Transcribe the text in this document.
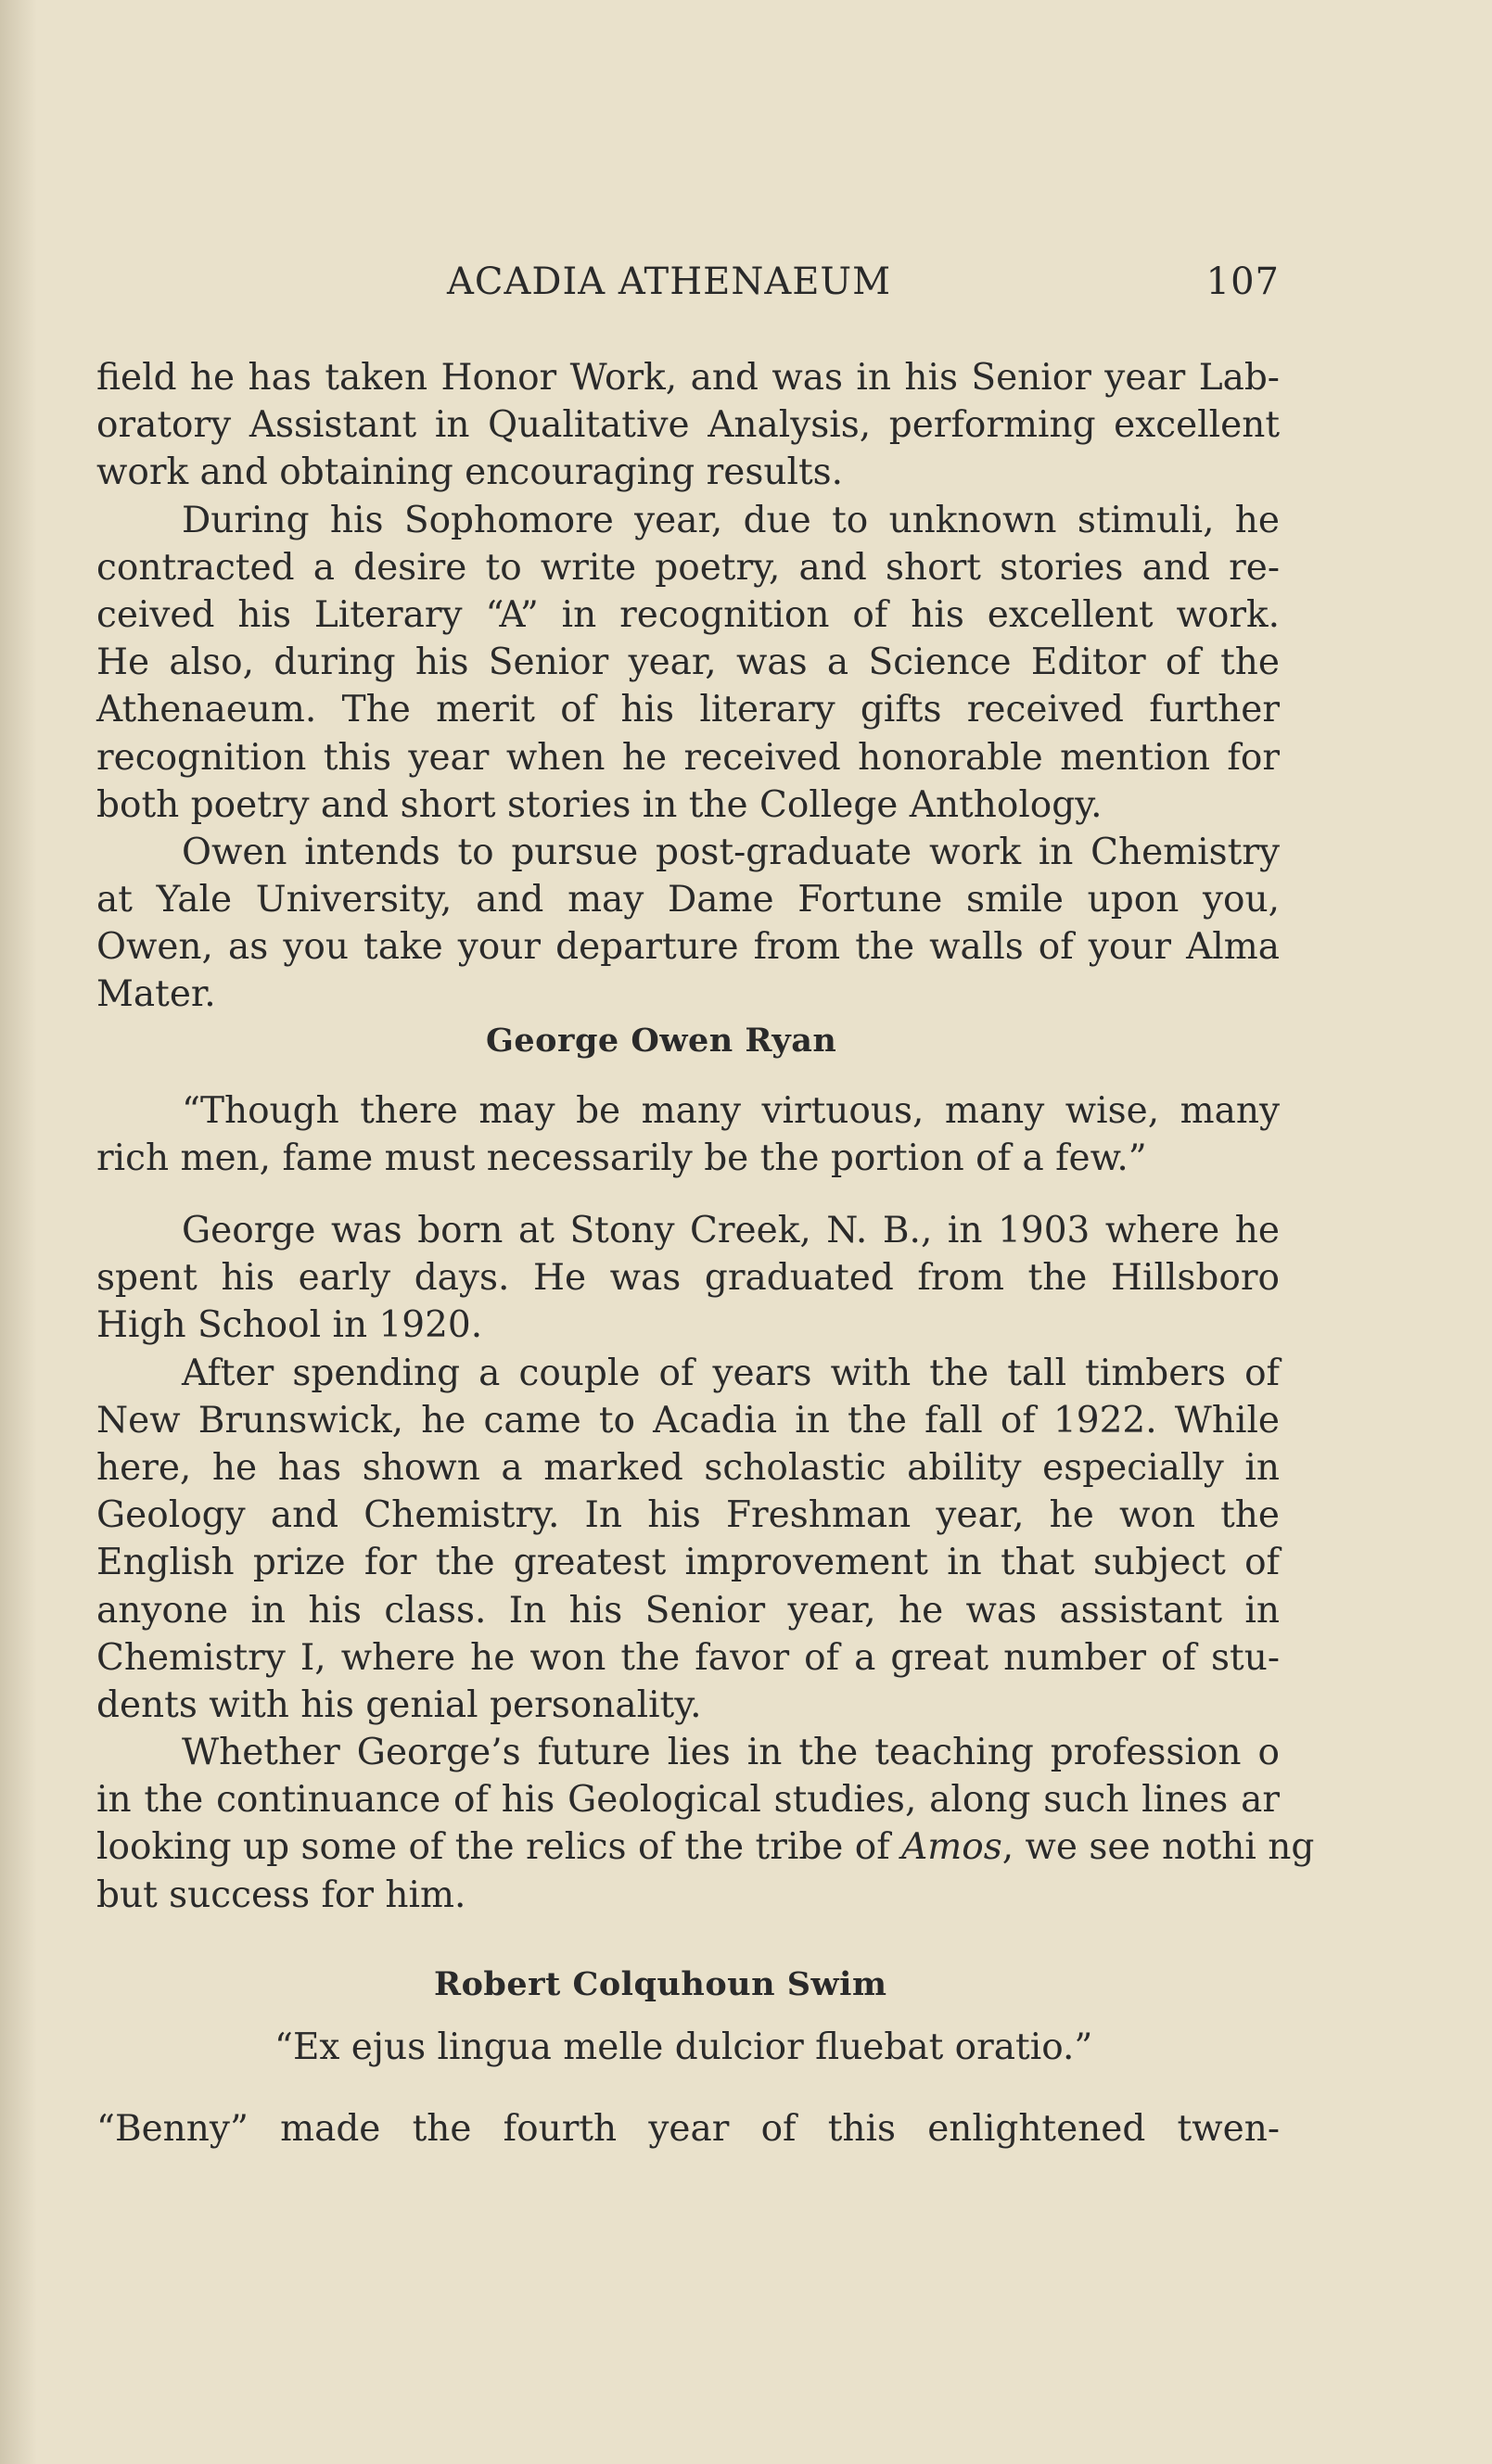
ACADIA ATHENAEUM	107
field he has taken Honor Work, and was in his Senior year Lab-
oratory Assistant in Qualitative Analysis, performing excellent
work and obtaining encouraging results.
During his Sophomore year, due to unknown stimuli, he
contracted a desire to write poetry, and short stories and re-
ceived his Literary “A” in recognition of his excellent work.
He also, during his Senior year, was a Science Editor of the
Athenaeum. The merit of his literary gifts received further
recognition this year when he received honorable mention for
both poetry and short stories in the College Anthology.
Owen intends to pursue post-graduate work in Chemistry
at Yale University, and may Dame Fortune smile upon you,
Owen, as you take your departure from the walls of your Alma
Mater.
George Owen Ryan
“Though there may be many virtuous, many wise, many
rich men, fame must necessarily be the portion of a few.”
George was born at Stony Creek, N. B., in 1903 where he
spent his early days. He was graduated from the Hillsboro
High School in 1920.
After spending a couple of years with the tall timbers of
New Brunswick, he came to Acadia in the fall of 1922. While
here, he has shown a marked scholastic ability especially in
Geology and Chemistry. In his Freshman year, he won the
English prize for the greatest improvement in that subject of
anyone in his class. In his Senior year, he was assistant in
Chemistry I, where he won the favor of a great number of stu-
dents with his genial personality.
Whether George’s future lies in the teaching profession o
in the continuance of his Geological studies, along such lines ar
looking up some of the relics of the tribe of Amos, we see nothi ng
but success for him.
Robert Colquhoun Swim
“Ex ejus lingua melle dulcior fluebat oratio.”
“Benny” made the fourth year of this enlightened twen-
